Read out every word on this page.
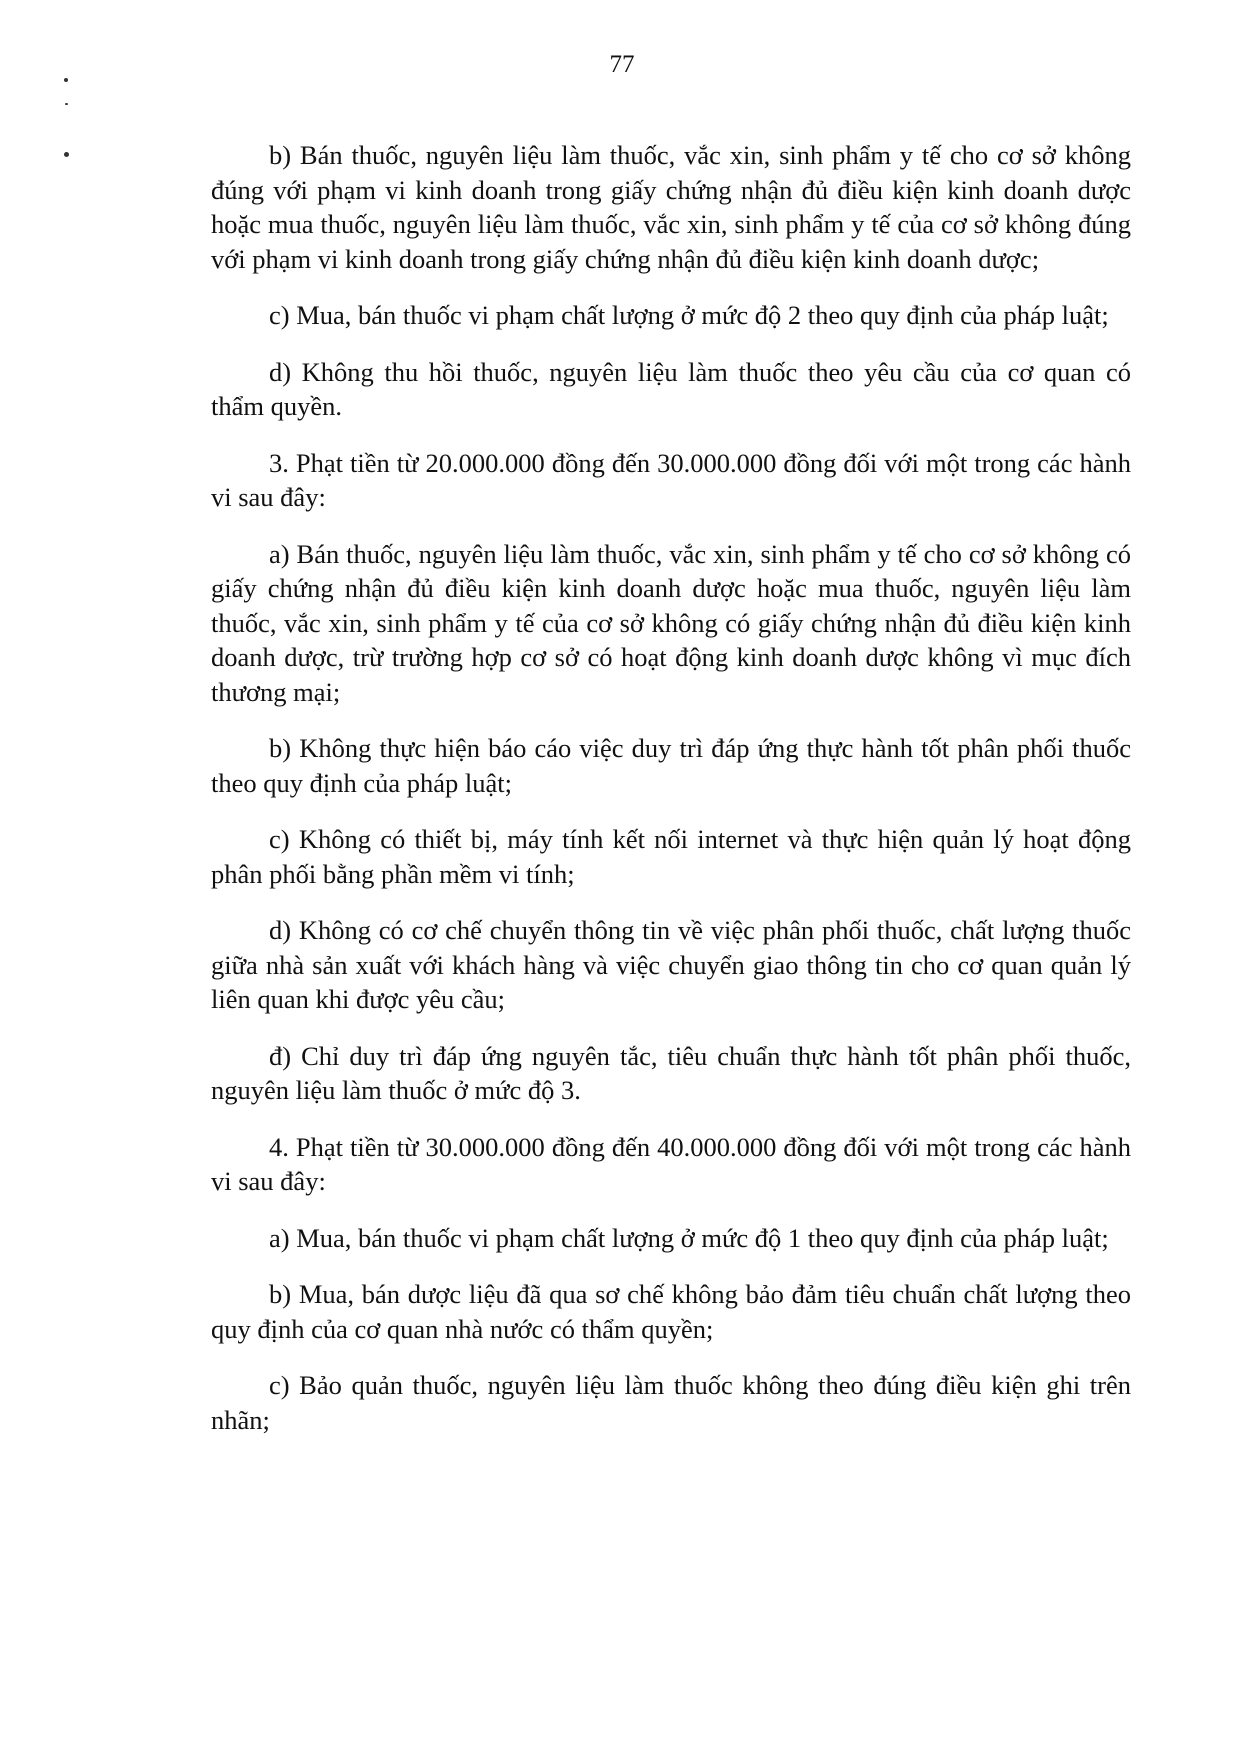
77

b) Bán thuốc, nguyên liệu làm thuốc, vắc xin, sinh phẩm y tế cho cơ sở không đúng với phạm vi kinh doanh trong giấy chứng nhận đủ điều kiện kinh doanh dược hoặc mua thuốc, nguyên liệu làm thuốc, vắc xin, sinh phẩm y tế của cơ sở không đúng với phạm vi kinh doanh trong giấy chứng nhận đủ điều kiện kinh doanh dược;

c) Mua, bán thuốc vi phạm chất lượng ở mức độ 2 theo quy định của pháp luật;

d) Không thu hồi thuốc, nguyên liệu làm thuốc theo yêu cầu của cơ quan có thẩm quyền.

3. Phạt tiền từ 20.000.000 đồng đến 30.000.000 đồng đối với một trong các hành vi sau đây:

a) Bán thuốc, nguyên liệu làm thuốc, vắc xin, sinh phẩm y tế cho cơ sở không có giấy chứng nhận đủ điều kiện kinh doanh dược hoặc mua thuốc, nguyên liệu làm thuốc, vắc xin, sinh phẩm y tế của cơ sở không có giấy chứng nhận đủ điều kiện kinh doanh dược, trừ trường hợp cơ sở có hoạt động kinh doanh dược không vì mục đích thương mại;

b) Không thực hiện báo cáo việc duy trì đáp ứng thực hành tốt phân phối thuốc theo quy định của pháp luật;

c) Không có thiết bị, máy tính kết nối internet và thực hiện quản lý hoạt động phân phối bằng phần mềm vi tính;

d) Không có cơ chế chuyển thông tin về việc phân phối thuốc, chất lượng thuốc giữa nhà sản xuất với khách hàng và việc chuyển giao thông tin cho cơ quan quản lý liên quan khi được yêu cầu;

đ) Chỉ duy trì đáp ứng nguyên tắc, tiêu chuẩn thực hành tốt phân phối thuốc, nguyên liệu làm thuốc ở mức độ 3.

4. Phạt tiền từ 30.000.000 đồng đến 40.000.000 đồng đối với một trong các hành vi sau đây:

a) Mua, bán thuốc vi phạm chất lượng ở mức độ 1 theo quy định của pháp luật;

b) Mua, bán dược liệu đã qua sơ chế không bảo đảm tiêu chuẩn chất lượng theo quy định của cơ quan nhà nước có thẩm quyền;

c) Bảo quản thuốc, nguyên liệu làm thuốc không theo đúng điều kiện ghi trên nhãn;
